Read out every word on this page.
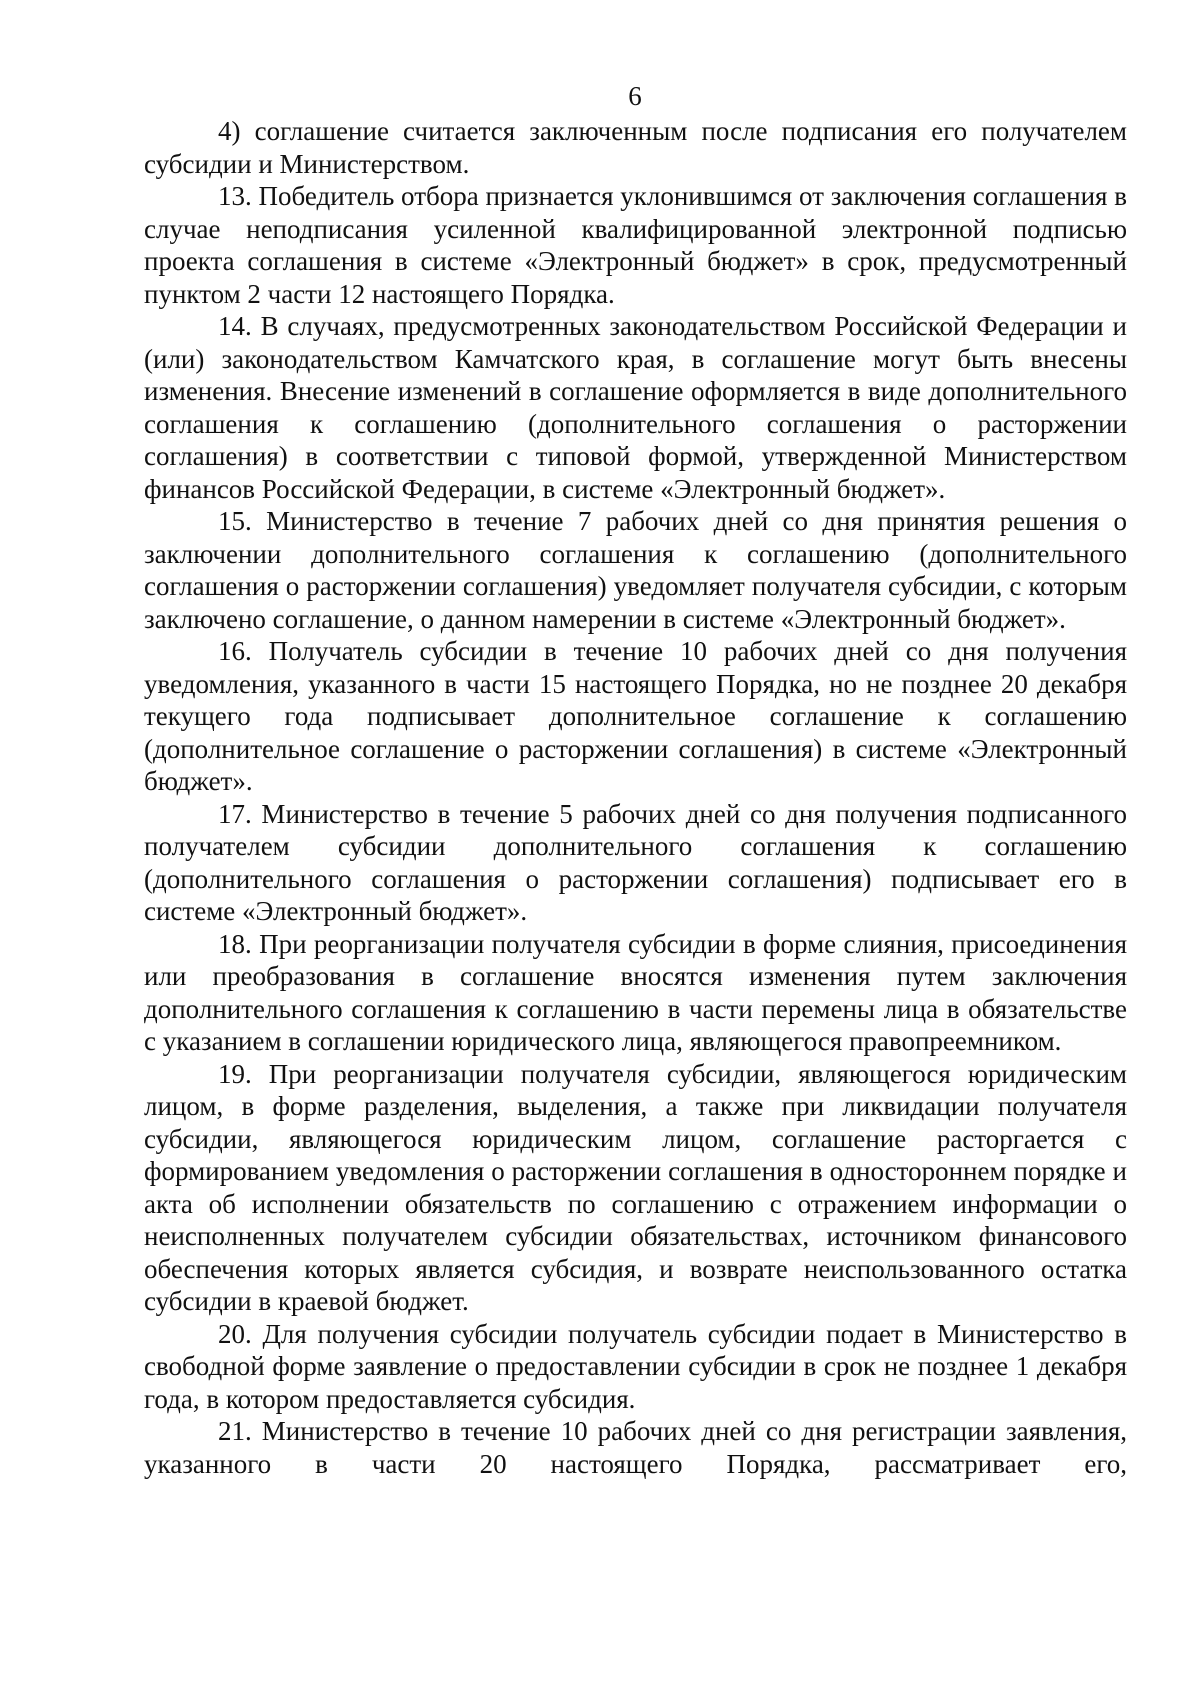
6

4) соглашение считается заключенным после подписания его получателем субсидии и Министерством.

13. Победитель отбора признается уклонившимся от заключения соглашения в случае неподписания усиленной квалифицированной электронной подписью проекта соглашения в системе «Электронный бюджет» в срок, предусмотренный пунктом 2 части 12 настоящего Порядка.

14. В случаях, предусмотренных законодательством Российской Федерации и (или) законодательством Камчатского края, в соглашение могут быть внесены изменения. Внесение изменений в соглашение оформляется в виде дополнительного соглашения к соглашению (дополнительного соглашения о расторжении соглашения) в соответствии с типовой формой, утвержденной Министерством финансов Российской Федерации, в системе «Электронный бюджет».

15. Министерство в течение 7 рабочих дней со дня принятия решения о заключении дополнительного соглашения к соглашению (дополнительного соглашения о расторжении соглашения) уведомляет получателя субсидии, с которым заключено соглашение, о данном намерении в системе «Электронный бюджет».

16. Получатель субсидии в течение 10 рабочих дней со дня получения уведомления, указанного в части 15 настоящего Порядка, но не позднее 20 декабря текущего года подписывает дополнительное соглашение к соглашению (дополнительное соглашение о расторжении соглашения) в системе «Электронный бюджет».

17. Министерство в течение 5 рабочих дней со дня получения подписанного получателем субсидии дополнительного соглашения к соглашению (дополнительного соглашения о расторжении соглашения) подписывает его в системе «Электронный бюджет».

18. При реорганизации получателя субсидии в форме слияния, присоединения или преобразования в соглашение вносятся изменения путем заключения дополнительного соглашения к соглашению в части перемены лица в обязательстве с указанием в соглашении юридического лица, являющегося правопреемником.

19. При реорганизации получателя субсидии, являющегося юридическим лицом, в форме разделения, выделения, а также при ликвидации получателя субсидии, являющегося юридическим лицом, соглашение расторгается с формированием уведомления о расторжении соглашения в одностороннем порядке и акта об исполнении обязательств по соглашению с отражением информации о неисполненных получателем субсидии обязательствах, источником финансового обеспечения которых является субсидия, и возврате неиспользованного остатка субсидии в краевой бюджет.

20. Для получения субсидии получатель субсидии подает в Министерство в свободной форме заявление о предоставлении субсидии в срок не позднее 1 декабря года, в котором предоставляется субсидия.

21. Министерство в течение 10 рабочих дней со дня регистрации заявления, указанного в части 20 настоящего Порядка, рассматривает его,
